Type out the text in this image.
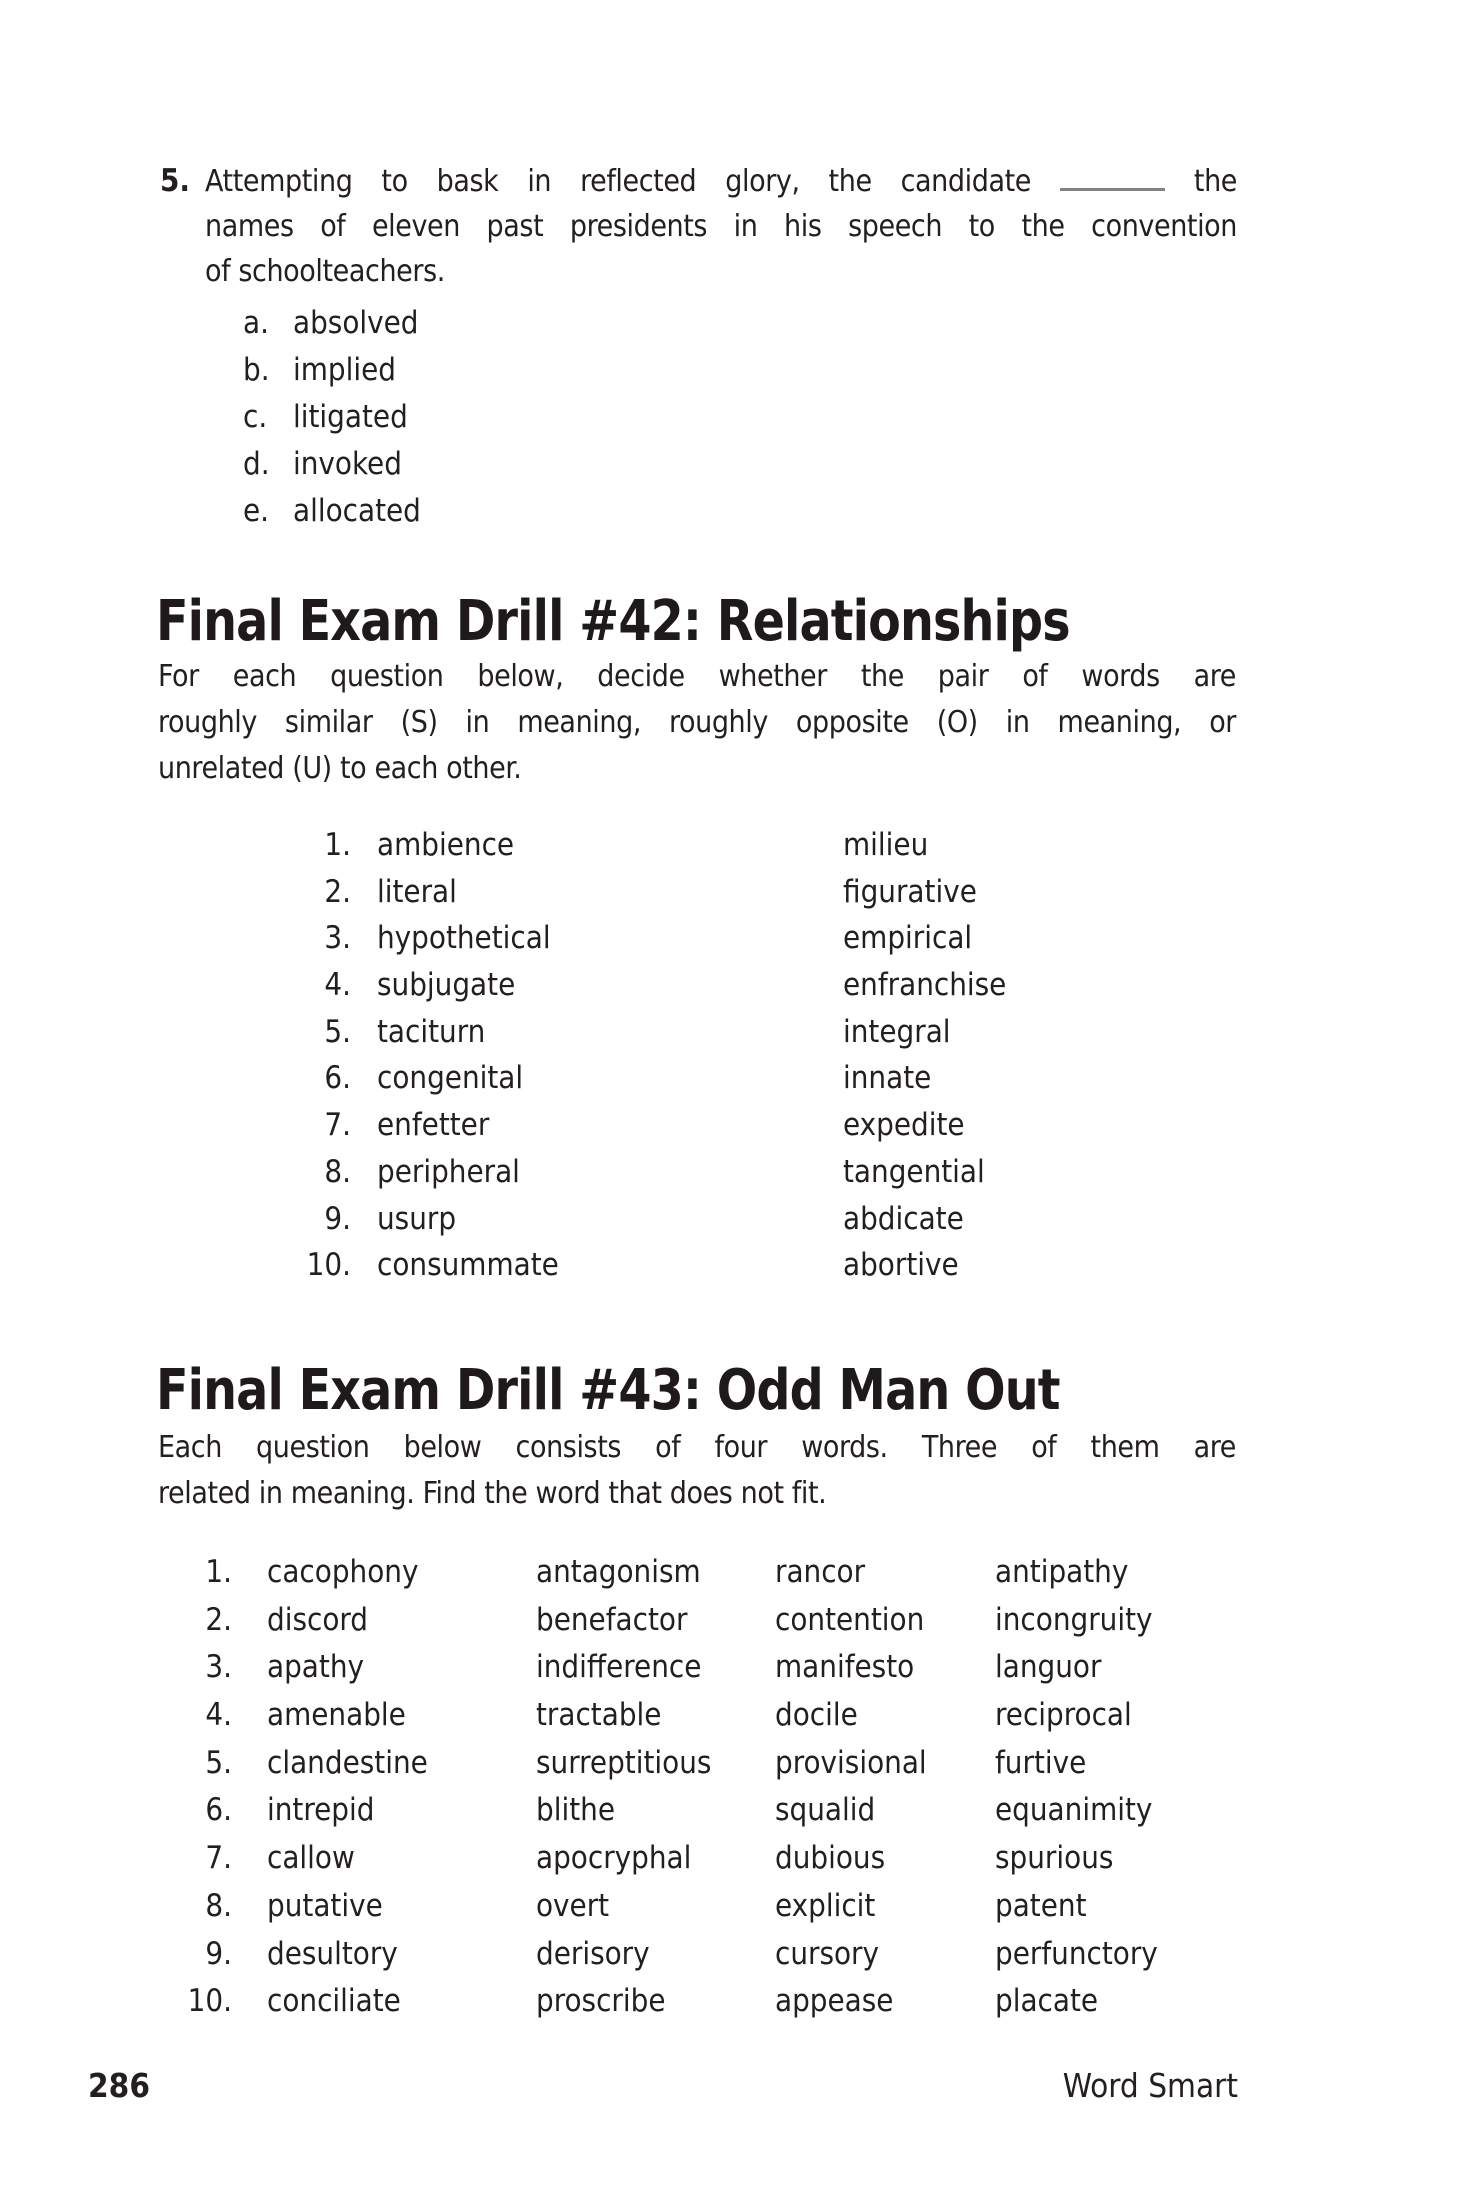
5. Attempting to bask in reflected glory, the candidate	the
names of eleven past presidents in his speech to the convention
of schoolteachers.
a. absolved
b. implied
c. litigated
d. invoked
e. allocated
Final Exam Drill #42: Relationships
For each question below, decide whether the pair of words are
roughly similar (S) in meaning, roughly opposite (O) in meaning, or
unrelated (U) to each other.
1. ambience	milieu
2. literal	figurative
3. hypothetical	empirical
4. subjugate	enfranchise
5. taciturn	integral
6. congenital	innate
7. enfetter	expedite
8. peripheral	tangential
9. usurp	abdicate
10. consummate	abortive
Final Exam Drill #43: Odd Man Out
Each question below consists of four words. Three of them are
related in meaning. Find the word that does not fit.
1.	cacophony	antagonism	rancor	antipathy
2.	discord	benefactor	contention	incongruity
3.	apathy	indifference	manifesto	languor
4.	amenable	tractable	docile	reciprocal
5.	clandestine	surreptitious	provisional	furtive
6.	intrepid	blithe	squalid	equanimity
7.	callow	apocryphal	dubious	spurious
8.	putative	overt	explicit	patent
9.	desultory	derisory	cursory	perfunctory
10.	conciliate	proscribe	appease	placate
286	Word Smart
